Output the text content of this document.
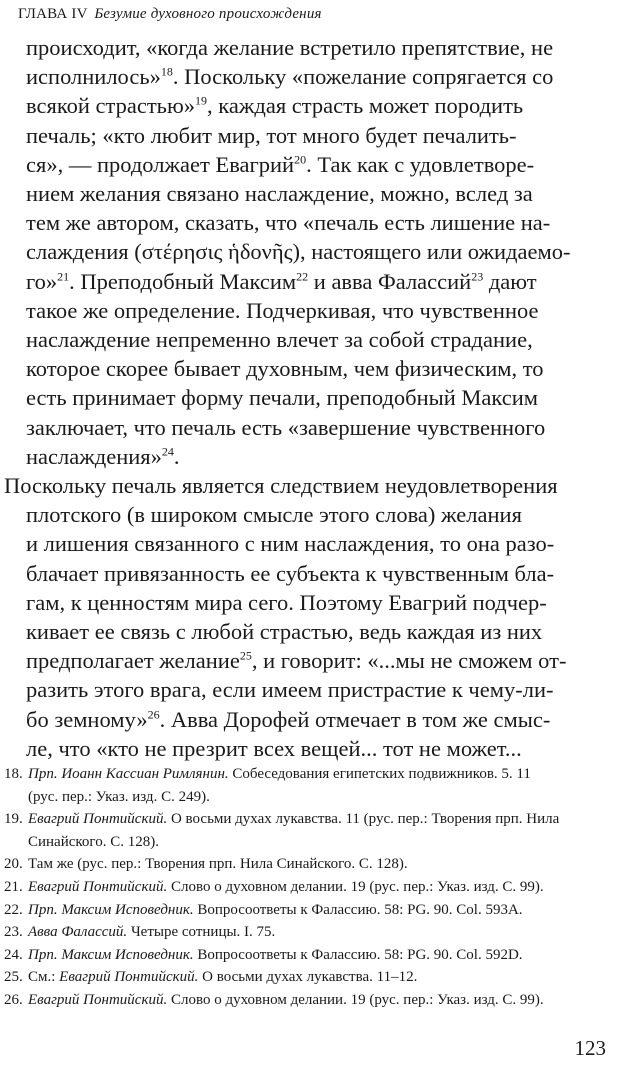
ГЛАВА IV Безумие духовного происхождения

происходит, «когда желание встретило препятствие, не
исполнилось»$^{18}$. Поскольку «пожелание сопрягается со
всякой страстью»$^{19}$, каждая страсть может породить
печаль; «кто любит мир, тот много будет печалить-
ся», — продолжает Евагрий$^{20}$. Так как с удовлетворе-
нием желания связано наслаждение, можно, вслед за
тем же автором, сказать, что «печаль есть лишение на-
слаждения (στέρησις ἡδονῆς), настоящего или ожидаемо-
го»$^{21}$. Преподобный Максим$^{22}$ и авва Фалассий$^{23}$ дают
такое же определение. Подчеркивая, что чувственное
наслаждение непременно влечет за собой страдание,
которое скорее бывает духовным, чем физическим, то
есть принимает форму печали, преподобный Максим
заключает, что печаль есть «завершение чувственного
наслаждения»$^{24}$.

Поскольку печаль является следствием неудовлетворения
плотского (в широком смысле этого слова) желания
и лишения связанного с ним наслаждения, то она разо-
блачает привязанность ее субъекта к чувственным бла-
гам, к ценностям мира сего. Поэтому Евагрий подчер-
кивает ее связь с любой страстью, ведь каждая из них
предполагает желание$^{25}$, и говорит: «...мы не сможем от-
разить этого врага, если имеем пристрастие к чему-ли-
бо земному»$^{26}$. Авва Дорофей отмечает в том же смыс-
ле, что «кто не презрит всех вещей... тот не может...

18. Прп. Иоанн Кассиан Римлянин. Собеседования египетских подвижников. 5. 11
(рус. пер.: Указ. изд. С. 249).
19. Евагрий Понтийский. О восьми духах лукавства. 11 (рус. пер.: Творения прп. Нила
Синайского. С. 128).
20. Там же (рус. пер.: Творения прп. Нила Синайского. С. 128).
21. Евагрий Понтийский. Слово о духовном делании. 19 (рус. пер.: Указ. изд. С. 99).
22. Прп. Максим Исповедник. Вопросоответы к Фалассию. 58: PG. 90. Col. 593A.
23. Авва Фалассий. Четыре сотницы. I. 75.
24. Прп. Максим Исповедник. Вопросоответы к Фалассию. 58: PG. 90. Col. 592D.
25. См.: Евагрий Понтийский. О восьми духах лукавства. 11–12.
26. Евагрий Понтийский. Слово о духовном делании. 19 (рус. пер.: Указ. изд. С. 99).
123
